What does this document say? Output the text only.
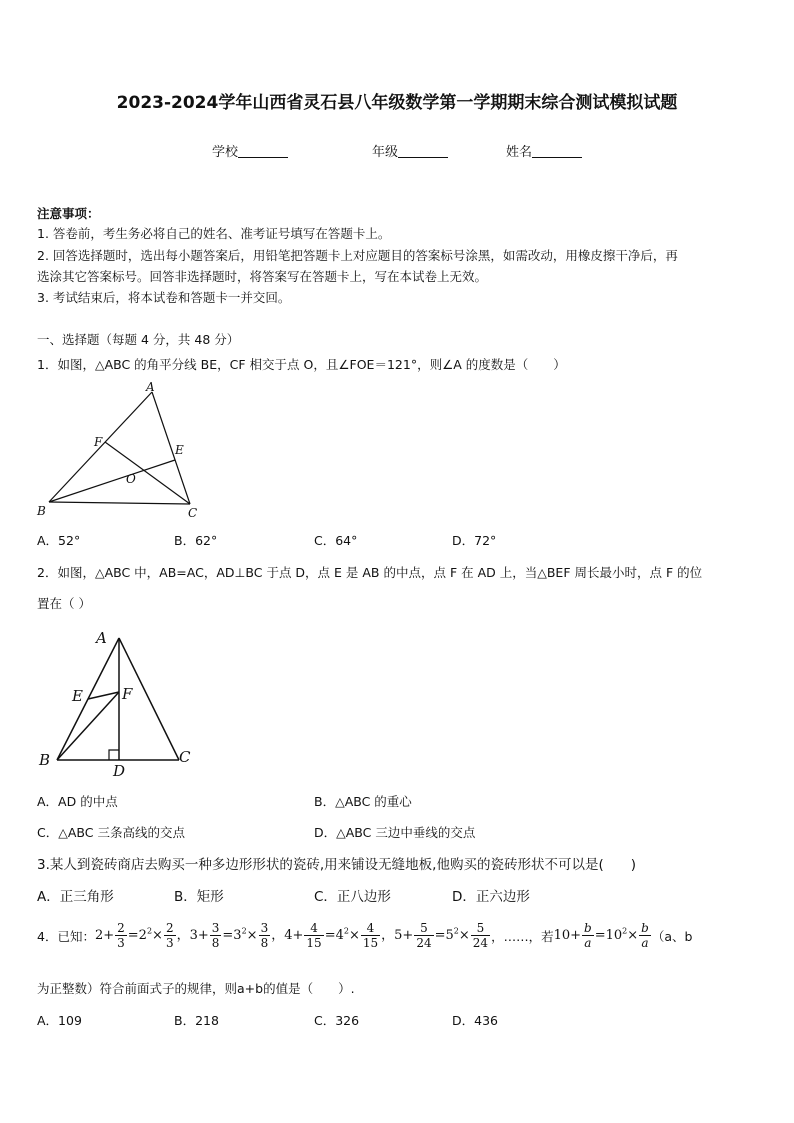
2023-2024学年山西省灵石县八年级数学第一学期期末综合测试模拟试题
学校	年级	姓名
注意事项：
1. 答卷前，考生务必将自己的姓名、准考证号填写在答题卡上。
2. 回答选择题时，选出每小题答案后，用铅笔把答题卡上对应题目的答案标号涂黑，如需改动，用橡皮擦干净后，再
选涂其它答案标号。回答非选择题时，将答案写在答题卡上，写在本试卷上无效。
3. 考试结束后，将本试卷和答题卡一并交回。
一、选择题（每题 4 分，共 48 分）
1．如图，△ABC 的角平分线 BE，CF 相交于点 O，且∠FOE＝121°，则∠A 的度数是（　　）
A
B	C
E
F
O
A．52°	B．62°	C．64°	D．72°
2．如图，△ABC 中，AB=AC，AD⊥BC 于点 D，点 E 是 AB 的中点，点 F 在 AD 上，当△BEF 周长最小时，点 F 的位
置在（ ）
A
B	C
D
E	F
A．AD 的中点	B．△ABC 的重心
C．△ABC 三条高线的交点	D．△ABC 三边中垂线的交点
3.某人到瓷砖商店去购买一种多边形形状的瓷砖,用来铺设无缝地板,他购买的瓷砖形状不可以是(　　)
A．正三角形	B．矩形	C．正八边形	D．正六边形
4．已知： $2+ \frac{2}{3} =2^2\times \frac{2}{3}$ ， $3+ \frac{3}{8} =3^2\times \frac{3}{8}$ ， $4+ \frac{4}{15} =4^2\times \frac{4}{15}$ ， $5+ \frac{5}{24} =5^2\times \frac{5}{24}$ ，……，若 $10+ \frac{b}{a} =10^2\times \frac{b}{a} (a$、b
为正整数）符合前面式子的规律，则a+b的值是（　　）.
A．109	B．218	C．326	D．436
